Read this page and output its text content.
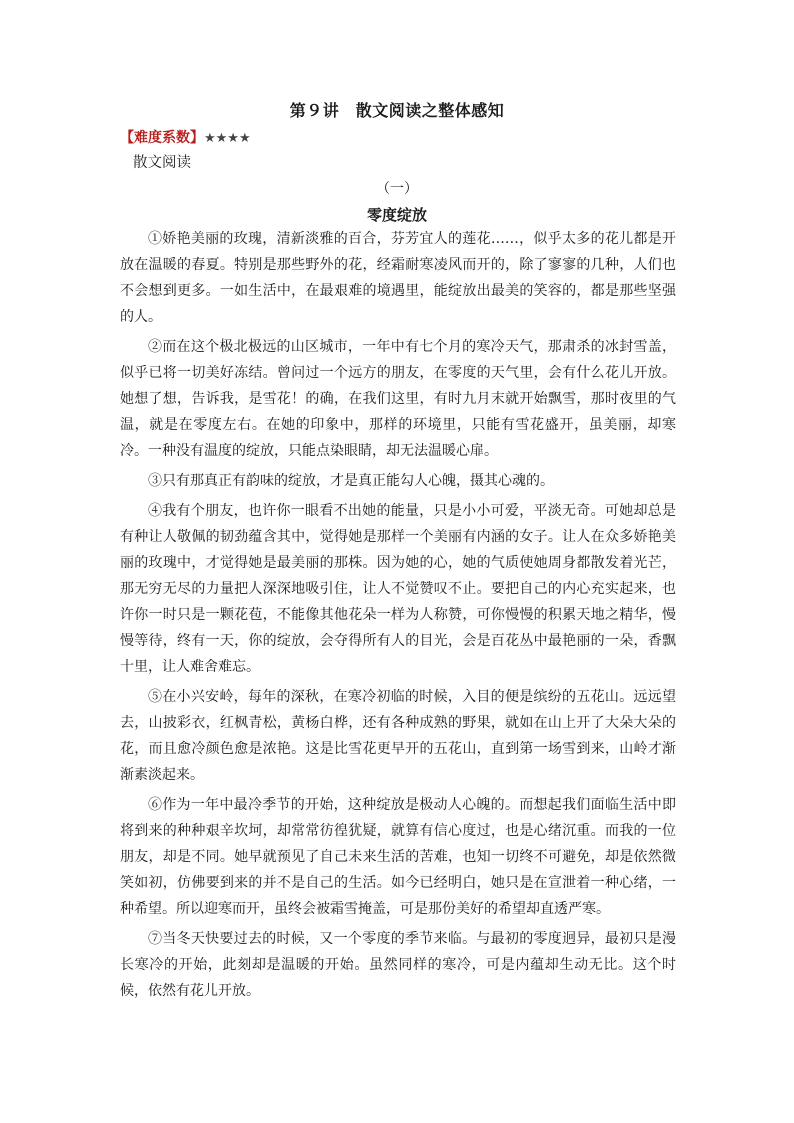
第９讲　散文阅读之整体感知
【难度系数】★★★★
散文阅读
（一）
零度绽放

①娇艳美丽的玫瑰，清新淡雅的百合，芬芳宜人的莲花……，似乎太多的花儿都是开放在温暖的春夏。特别是那些野外的花，经霜耐寒凌风而开的，除了寥寥的几种，人们也不会想到更多。一如生活中，在最艰难的境遇里，能绽放出最美的笑容的，都是那些坚强的人。

②而在这个极北极远的山区城市，一年中有七个月的寒冷天气，那肃杀的冰封雪盖，似乎已将一切美好冻结。曾问过一个远方的朋友，在零度的天气里，会有什么花儿开放。她想了想，告诉我，是雪花！的确，在我们这里，有时九月末就开始飘雪，那时夜里的气温，就是在零度左右。在她的印象中，那样的环境里，只能有雪花盛开，虽美丽，却寒冷。一种没有温度的绽放，只能点染眼睛，却无法温暖心扉。

③只有那真正有韵味的绽放，才是真正能勾人心魄，摄其心魂的。

④我有个朋友，也许你一眼看不出她的能量，只是小小可爱，平淡无奇。可她却总是有种让人敬佩的韧劲蕴含其中，觉得她是那样一个美丽有内涵的女子。让人在众多娇艳美丽的玫瑰中，才觉得她是最美丽的那株。因为她的心，她的气质使她周身都散发着光芒，那无穷无尽的力量把人深深地吸引住，让人不觉赞叹不止。要把自己的内心充实起来，也许你一时只是一颗花苞，不能像其他花朵一样为人称赞，可你慢慢的积累天地之精华，慢慢等待，终有一天，你的绽放，会夺得所有人的目光，会是百花丛中最艳丽的一朵，香飘十里，让人难舍难忘。

⑤在小兴安岭，每年的深秋，在寒冷初临的时候，入目的便是缤纷的五花山。远远望去，山披彩衣，红枫青松，黄杨白桦，还有各种成熟的野果，就如在山上开了大朵大朵的花，而且愈冷颜色愈是浓艳。这是比雪花更早开的五花山，直到第一场雪到来，山岭才渐渐素淡起来。

⑥作为一年中最冷季节的开始，这种绽放是极动人心魄的。而想起我们面临生活中即将到来的种种艰辛坎坷，却常常彷徨犹疑，就算有信心度过，也是心绪沉重。而我的一位朋友，却是不同。她早就预见了自己未来生活的苦难，也知一切终不可避免，却是依然微笑如初，仿佛要到来的并不是自己的生活。如今已经明白，她只是在宣泄着一种心绪，一种希望。所以迎寒而开，虽终会被霜雪掩盖，可是那份美好的希望却直透严寒。

⑦当冬天快要过去的时候，又一个零度的季节来临。与最初的零度迥异，最初只是漫长寒冷的开始，此刻却是温暖的开始。虽然同样的寒冷，可是内蕴却生动无比。这个时候，依然有花儿开放。
